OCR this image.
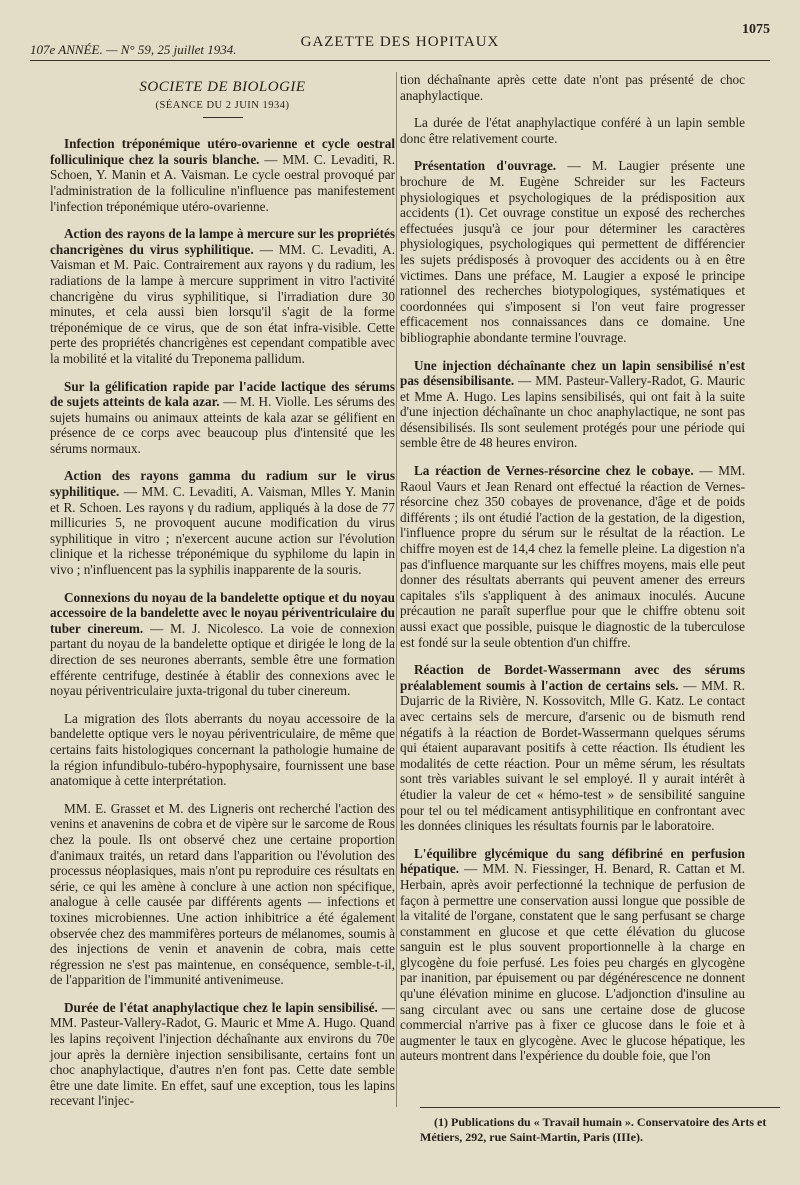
107e ANNÉE. — N° 59, 25 juillet 1934.	GAZETTE DES HOPITAUX
1075
SOCIETE DE BIOLOGIE
(SÉANCE DU 2 JUIN 1934)

Infection tréponémique utéro-ovarienne et cycle oestral folliculinique chez la souris blanche. — MM. C. Levaditi, R. Schoen, Y. Manin et A. Vaisman. Le cycle oestral provoqué par l'administration de la folliculine n'influence pas manifestement l'infection tréponémique utéro-ovarienne.

Action des rayons de la lampe à mercure sur les propriétés chancrigènes du virus syphilitique. — MM. C. Levaditi, A. Vaisman et M. Paic. Contrairement aux rayons γ du radium, les radiations de la lampe à mercure suppriment in vitro l'activité chancrigène du virus syphilitique, si l'irradiation dure 30 minutes, et cela aussi bien lorsqu'il s'agit de la forme tréponémique de ce virus, que de son état infra-visible. Cette perte des propriétés chancrigènes est cependant compatible avec la mobilité et la vitalité du Treponema pallidum.

Sur la gélification rapide par l'acide lactique des sérums de sujets atteints de kala azar. — M. H. Violle. Les sérums des sujets humains ou animaux atteints de kala azar se gélifient en présence de ce corps avec beaucoup plus d'intensité que les sérums normaux.

Action des rayons gamma du radium sur le virus syphilitique. — MM. C. Levaditi, A. Vaisman, Mlles Y. Manin et R. Schoen. Les rayons γ du radium, appliqués à la dose de 77 millicuries 5, ne provoquent aucune modification du virus syphilitique in vitro ; n'exercent aucune action sur l'évolution clinique et la richesse tréponémique du syphilome du lapin in vivo ; n'influencent pas la syphilis inapparente de la souris.

Connexions du noyau de la bandelette optique et du noyau accessoire de la bandelette avec le noyau périventriculaire du tuber cinereum. — M. J. Nicolesco. La voie de connexion partant du noyau de la bandelette optique et dirigée le long de la direction de ses neurones aberrants, semble être une formation efférente centrifuge, destinée à établir des connexions avec le noyau périventriculaire juxta-trigonal du tuber cinereum.

La migration des îlots aberrants du noyau accessoire de la bandelette optique vers le noyau périventriculaire, de même que certains faits histologiques concernant la pathologie humaine de la région infundibulo-tubéro-hypophysaire, fournissent une base anatomique à cette interprétation.

MM. E. Grasset et M. des Ligneris ont recherché l'action des venins et anavenins de cobra et de vipère sur le sarcome de Rous chez la poule. Ils ont observé chez une certaine proportion d'animaux traités, un retard dans l'apparition ou l'évolution des processus néoplasiques, mais n'ont pu reproduire ces résultats en série, ce qui les amène à conclure à une action non spécifique, analogue à celle causée par différents agents — infections et toxines microbiennes. Une action inhibitrice a été également observée chez des mammifères porteurs de mélanomes, soumis à des injections de venin et anavenin de cobra, mais cette régression ne s'est pas maintenue, en conséquence, semble-t-il, de l'apparition de l'immunité antivenimeuse.

Durée de l'état anaphylactique chez le lapin sensibilisé. — MM. Pasteur-Vallery-Radot, G. Mauric et Mme A. Hugo. Quand les lapins reçoivent l'injection déchaînante aux environs du 70e jour après la dernière injection sensibilisante, certains font un choc anaphylactique, d'autres n'en font pas. Cette date semble être une date limite. En effet, sauf une exception, tous les lapins recevant l'injec-

tion déchaînante après cette date n'ont pas présenté de choc anaphylactique.

La durée de l'état anaphylactique conféré à un lapin semble donc être relativement courte.

Présentation d'ouvrage. — M. Laugier présente une brochure de M. Eugène Schreider sur les Facteurs physiologiques et psychologiques de la prédisposition aux accidents (1). Cet ouvrage constitue un exposé des recherches effectuées jusqu'à ce jour pour déterminer les caractères physiologiques, psychologiques qui permettent de différencier les sujets prédisposés à provoquer des accidents ou à en être victimes. Dans une préface, M. Laugier a exposé le principe rationnel des recherches biotypologiques, systématiques et coordonnées qui s'imposent si l'on veut faire progresser efficacement nos connaissances dans ce domaine. Une bibliographie abondante termine l'ouvrage.

Une injection déchaînante chez un lapin sensibilisé n'est pas désensibilisante. — MM. Pasteur-Vallery-Radot, G. Mauric et Mme A. Hugo. Les lapins sensibilisés, qui ont fait à la suite d'une injection déchaînante un choc anaphylactique, ne sont pas désensibilisés. Ils sont seulement protégés pour une période qui semble être de 48 heures environ.

La réaction de Vernes-résorcine chez le cobaye. — MM. Raoul Vaurs et Jean Renard ont effectué la réaction de Vernes-résorcine chez 350 cobayes de provenance, d'âge et de poids différents ; ils ont étudié l'action de la gestation, de la digestion, l'influence propre du sérum sur le résultat de la réaction. Le chiffre moyen est de 14,4 chez la femelle pleine. La digestion n'a pas d'influence marquante sur les chiffres moyens, mais elle peut donner des résultats aberrants qui peuvent amener des erreurs capitales s'ils s'appliquent à des animaux inoculés. Aucune précaution ne paraît superflue pour que le chiffre obtenu soit aussi exact que possible, puisque le diagnostic de la tuberculose est fondé sur la seule obtention d'un chiffre.

Réaction de Bordet-Wassermann avec des sérums préalablement soumis à l'action de certains sels. — MM. R. Dujarric de la Rivière, N. Kossovitch, Mlle G. Katz. Le contact avec certains sels de mercure, d'arsenic ou de bismuth rend négatifs à la réaction de Bordet-Wassermann quelques sérums qui étaient auparavant positifs à cette réaction. Ils étudient les modalités de cette réaction. Pour un même sérum, les résultats sont très variables suivant le sel employé. Il y aurait intérêt à étudier la valeur de cet « hémo-test » de sensibilité sanguine pour tel ou tel médicament antisyphilitique en confrontant avec les données cliniques les résultats fournis par le laboratoire.

L'équilibre glycémique du sang défibriné en perfusion hépatique. — MM. N. Fiessinger, H. Benard, R. Cattan et M. Herbain, après avoir perfectionné la technique de perfusion de façon à permettre une conservation aussi longue que possible de la vitalité de l'organe, constatent que le sang perfusant se charge constamment en glucose et que cette élévation du glucose sanguin est le plus souvent proportionnelle à la charge en glycogène du foie perfusé. Les foies peu chargés en glycogène par inanition, par épuisement ou par dégénérescence ne donnent qu'une élévation minime en glucose. L'adjonction d'insuline au sang circulant avec ou sans une certaine dose de glucose commercial n'arrive pas à fixer ce glucose dans le foie et à augmenter le taux en glycogène. Avec le glucose hépatique, les auteurs montrent dans l'expérience du double foie, que l'on

(1) Publications du « Travail humain ». Conservatoire des Arts et Métiers, 292, rue Saint-Martin, Paris (IIIe).
